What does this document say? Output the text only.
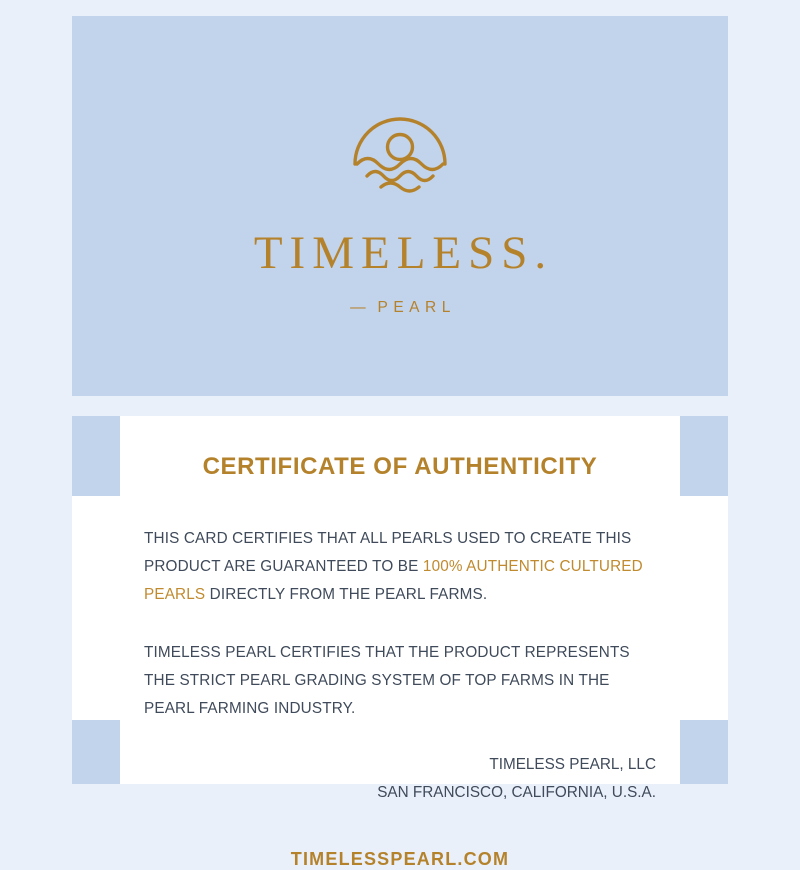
TIMELESS.
— PEARL
CERTIFICATE OF AUTHENTICITY
THIS CARD CERTIFIES THAT ALL PEARLS USED TO CREATE THIS PRODUCT ARE GUARANTEED TO BE 100% AUTHENTIC CULTURED PEARLS DIRECTLY FROM THE PEARL FARMS.
TIMELESS PEARL CERTIFIES THAT THE PRODUCT REPRESENTS THE STRICT PEARL GRADING SYSTEM OF TOP FARMS IN THE PEARL FARMING INDUSTRY.
TIMELESS PEARL, LLC
SAN FRANCISCO, CALIFORNIA, U.S.A.
TIMELESSPEARL.COM
